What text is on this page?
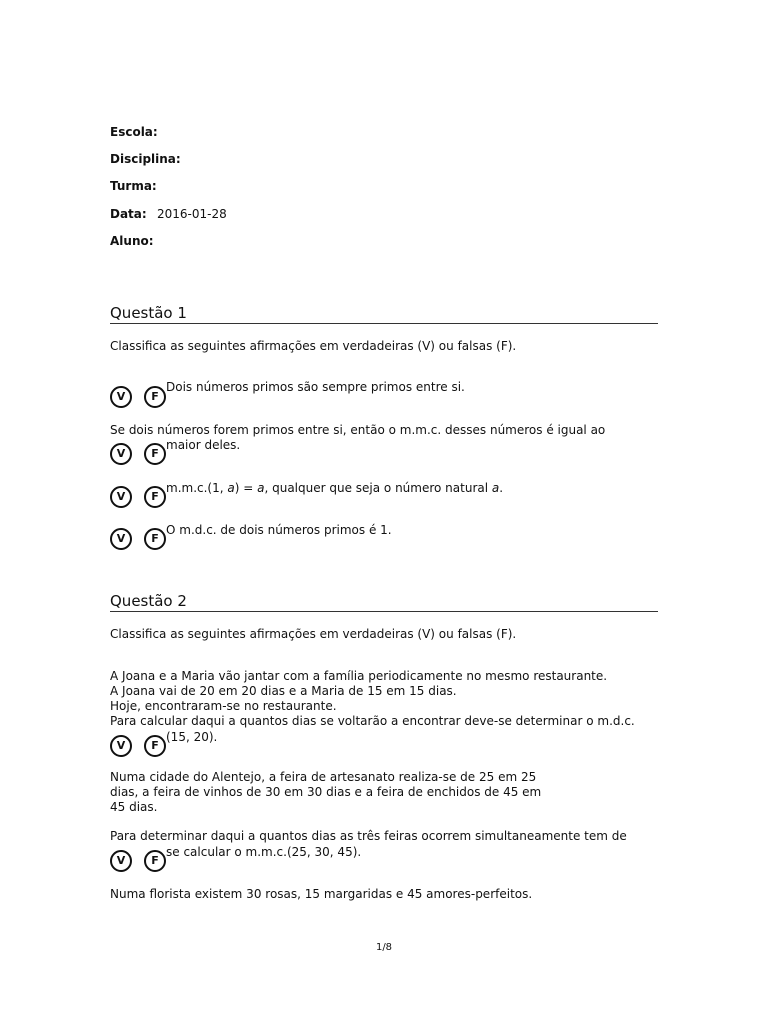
Escola:
Disciplina:
Turma:
Data: 2016-01-28
Aluno:
Questão 1
Classifica as seguintes afirmações em verdadeiras (V) ou falsas (F).
V	F
Dois números primos são sempre primos entre si.
Se dois números forem primos entre si, então o m.m.c. desses números é igual ao
V	F
maior deles.
V	F
m.m.c.(1, a) = a, qualquer que seja o número natural a.
V	F
O m.d.c. de dois números primos é 1.
Questão 2
Classifica as seguintes afirmações em verdadeiras (V) ou falsas (F).
A Joana e a Maria vão jantar com a família periodicamente no mesmo restaurante.
A Joana vai de 20 em 20 dias e a Maria de 15 em 15 dias.
Hoje, encontraram-se no restaurante.
Para calcular daqui a quantos dias se voltarão a encontrar deve-se determinar o m.d.c.
V	F
(15, 20).
Numa cidade do Alentejo, a feira de artesanato realiza-se de 25 em 25
dias, a feira de vinhos de 30 em 30 dias e a feira de enchidos de 45 em
45 dias.
Para determinar daqui a quantos dias as três feiras ocorrem simultaneamente tem de
V	F
se calcular o m.m.c.(25, 30, 45).
Numa florista existem 30 rosas, 15 margaridas e 45 amores-perfeitos.
1/8
